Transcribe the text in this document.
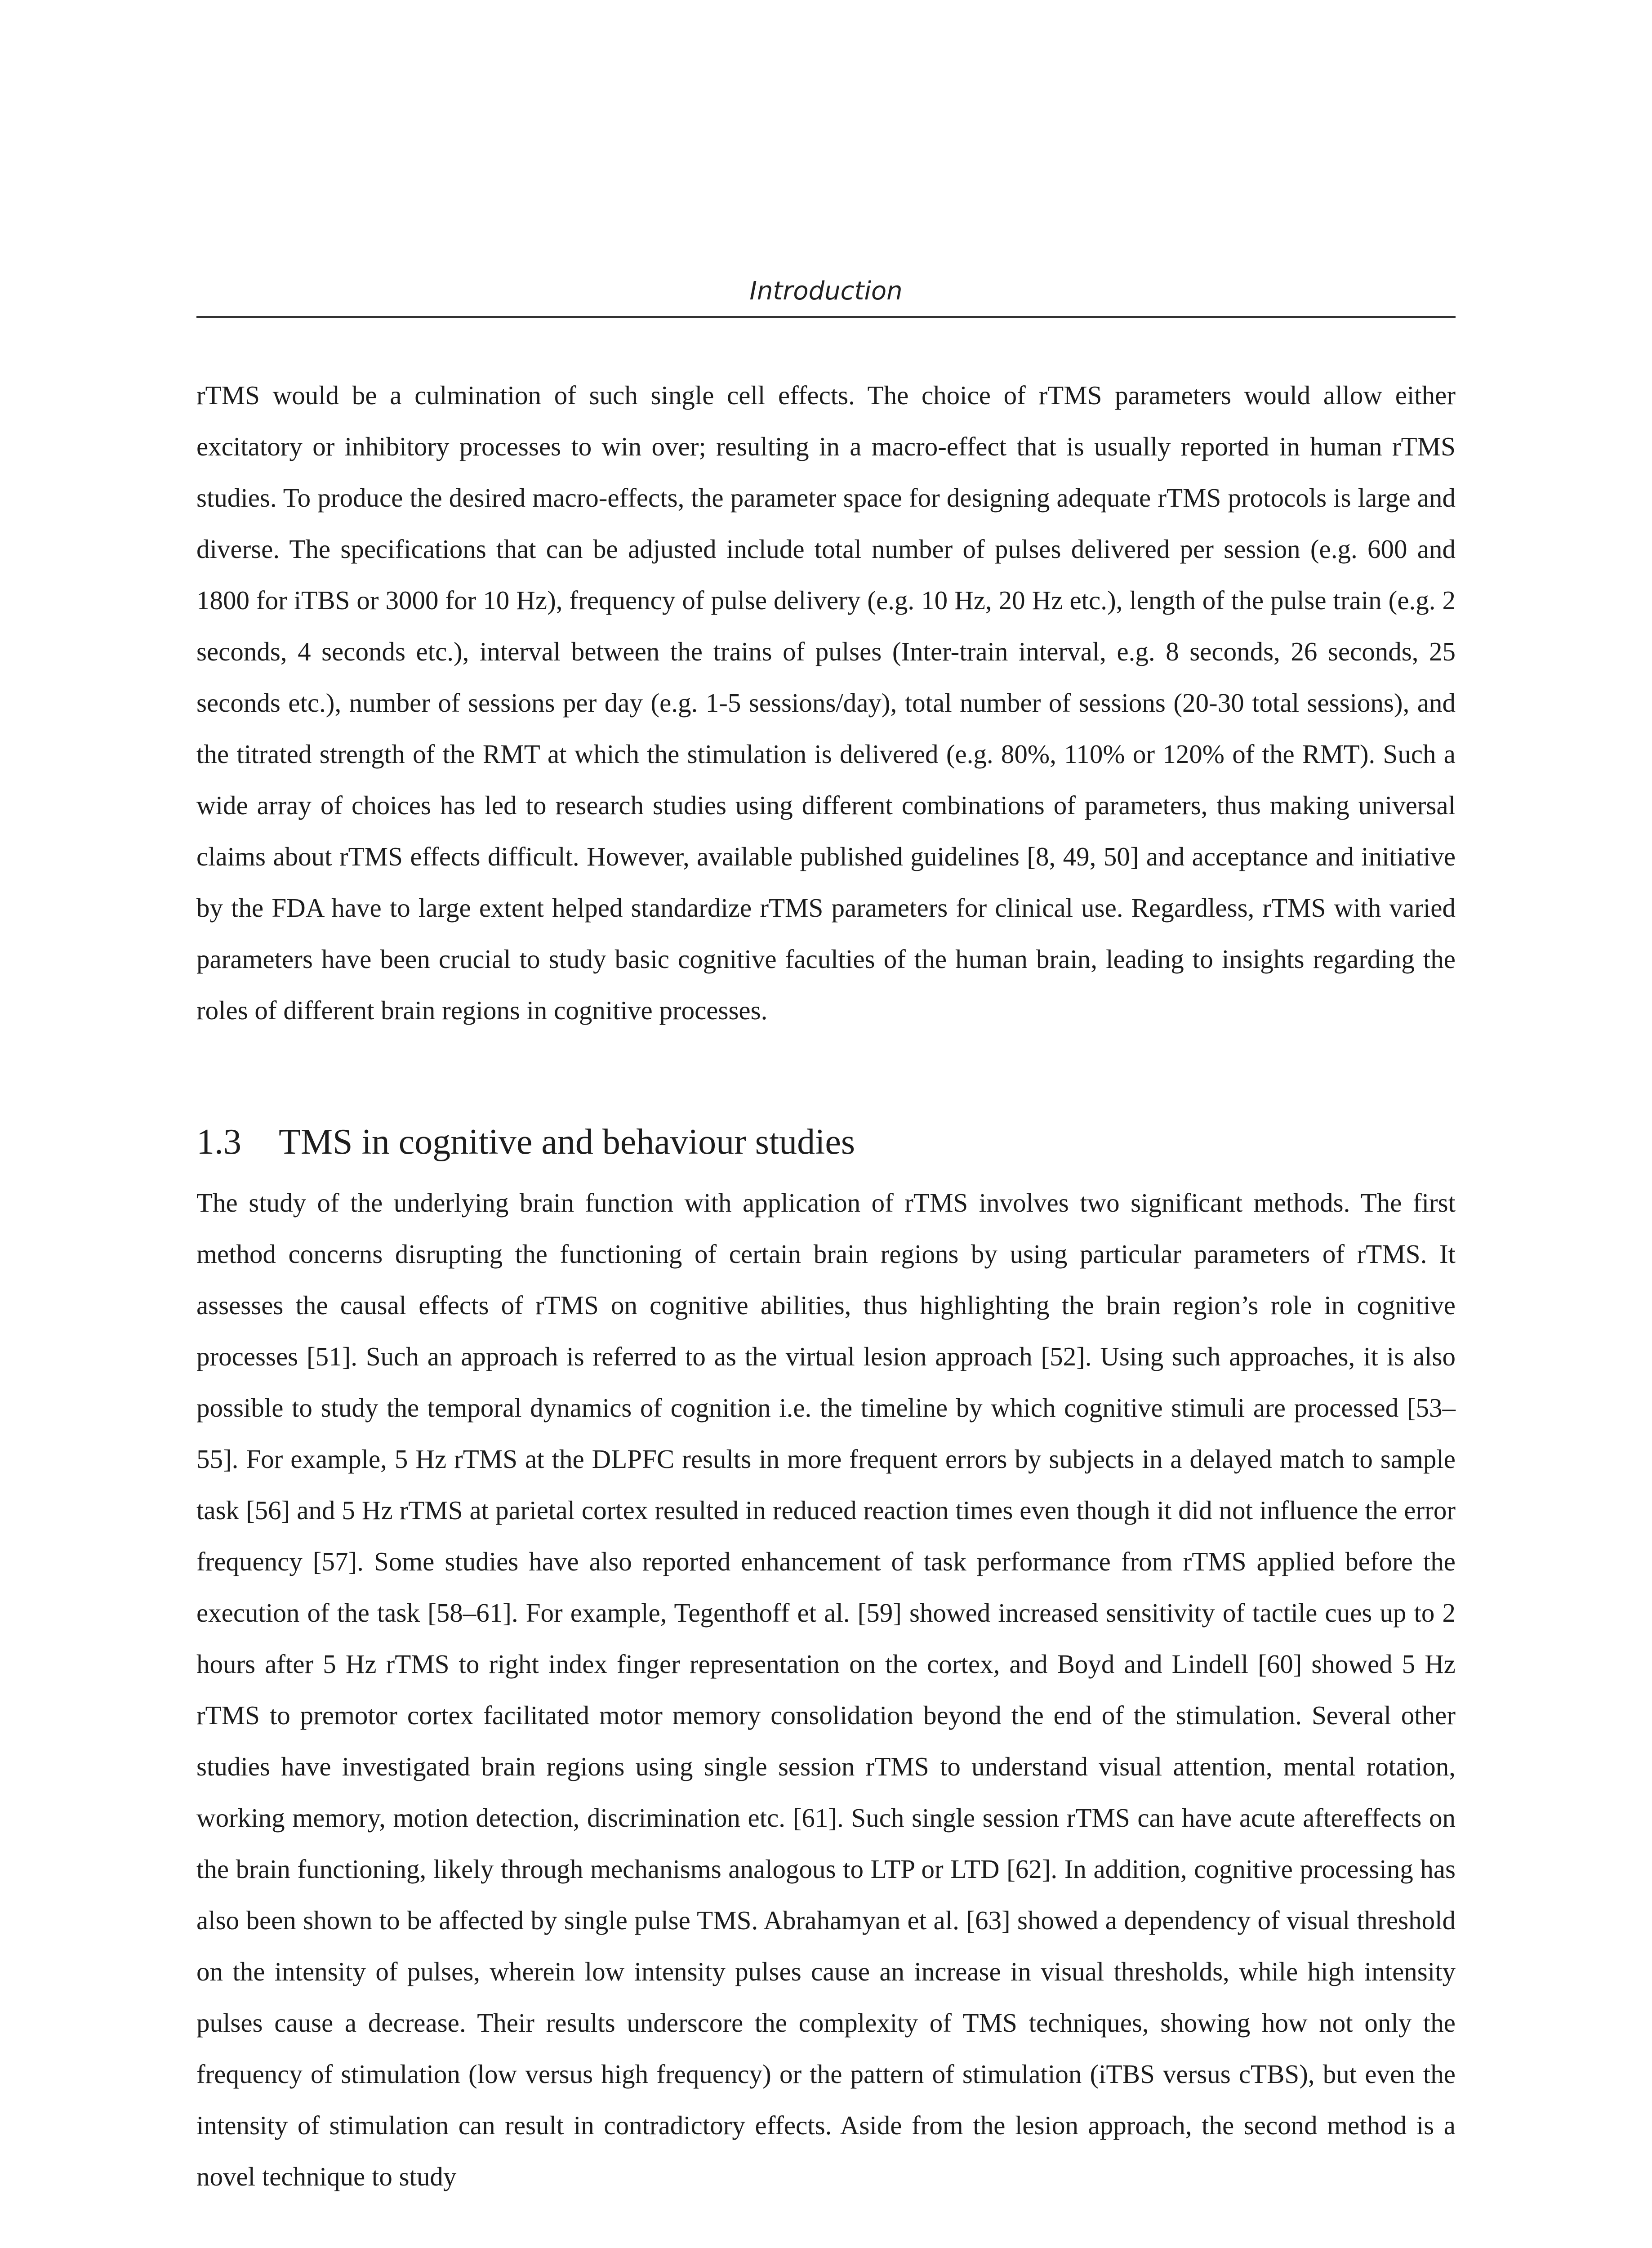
Introduction

rTMS would be a culmination of such single cell effects. The choice of rTMS parameters would allow either excitatory or inhibitory processes to win over; resulting in a macro-effect that is usually reported in human rTMS studies. To produce the desired macro-effects, the parameter space for designing adequate rTMS protocols is large and diverse. The specifications that can be adjusted include total number of pulses delivered per session (e.g. 600 and 1800 for iTBS or 3000 for 10 Hz), frequency of pulse delivery (e.g. 10 Hz, 20 Hz etc.), length of the pulse train (e.g. 2 seconds, 4 seconds etc.), interval between the trains of pulses (Inter-train interval, e.g. 8 seconds, 26 seconds, 25 seconds etc.), number of sessions per day (e.g. 1-5 sessions/day), total number of sessions (20-30 total sessions), and the titrated strength of the RMT at which the stimulation is delivered (e.g. 80%, 110% or 120% of the RMT). Such a wide array of choices has led to research studies using different combinations of parameters, thus making universal claims about rTMS effects difficult. However, available published guidelines [8, 49, 50] and acceptance and initiative by the FDA have to large extent helped standardize rTMS parameters for clinical use. Regardless, rTMS with varied parameters have been crucial to study basic cognitive faculties of the human brain, leading to insights regarding the roles of different brain regions in cognitive processes.

1.3 TMS in cognitive and behaviour studies

The study of the underlying brain function with application of rTMS involves two significant methods. The first method concerns disrupting the functioning of certain brain regions by using particular parameters of rTMS. It assesses the causal effects of rTMS on cognitive abilities, thus highlighting the brain region’s role in cognitive processes [51]. Such an approach is referred to as the virtual lesion approach [52]. Using such approaches, it is also possible to study the temporal dynamics of cognition i.e. the timeline by which cognitive stimuli are processed [53–55]. For example, 5 Hz rTMS at the DLPFC results in more frequent errors by subjects in a delayed match to sample task [56] and 5 Hz rTMS at parietal cortex resulted in reduced reaction times even though it did not influence the error frequency [57]. Some studies have also reported enhancement of task performance from rTMS applied before the execution of the task [58–61]. For example, Tegenthoff et al. [59] showed increased sensitivity of tactile cues up to 2 hours after 5 Hz rTMS to right index finger representation on the cortex, and Boyd and Lindell [60] showed 5 Hz rTMS to premotor cortex facilitated motor memory consolidation beyond the end of the stimulation. Several other studies have investigated brain regions using single session rTMS to understand visual attention, mental rotation, working memory, motion detection, discrimination etc. [61]. Such single session rTMS can have acute aftereffects on the brain functioning, likely through mechanisms analogous to LTP or LTD [62]. In addition, cognitive processing has also been shown to be affected by single pulse TMS. Abrahamyan et al. [63] showed a dependency of visual threshold on the intensity of pulses, wherein low intensity pulses cause an increase in visual thresholds, while high intensity pulses cause a decrease. Their results underscore the complexity of TMS techniques, showing how not only the frequency of stimulation (low versus high frequency) or the pattern of stimulation (iTBS versus cTBS), but even the intensity of stimulation can result in contradictory effects. Aside from the lesion approach, the second method is a novel technique to study
